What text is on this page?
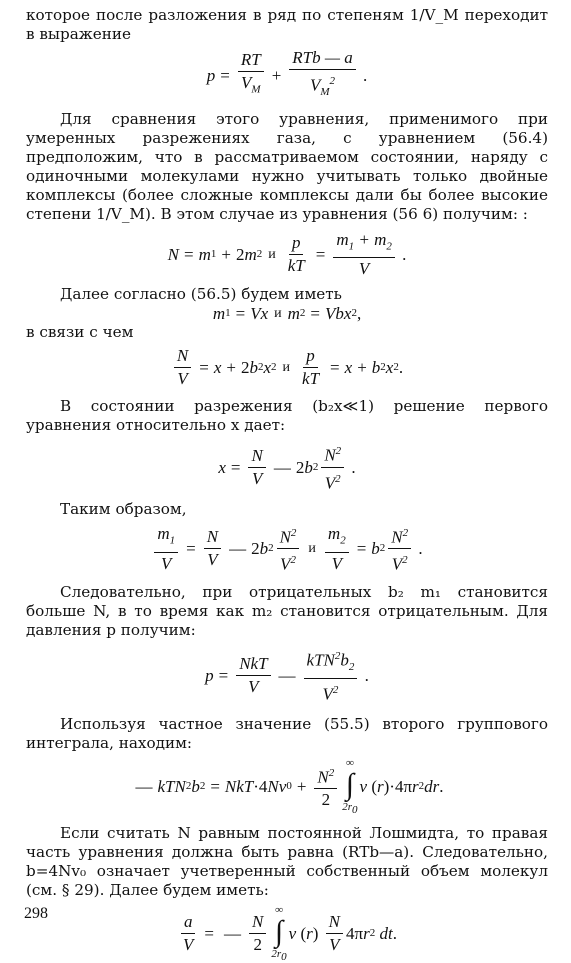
которое после разложения в ряд по степеням 1/V_M переходит в выражение

$p = \frac{RT}{V_M}$ +
RTb — a
$V_M^2$ .

Для сравнения этого уравнения, применимого при умеренных разрежениях газа, с уравнением (56.4) предположим, что в рассматриваемом состоянии, наряду с одиночными молекулами нужно учитывать только двойные комплексы (более сложные комплексы дали бы более высокие степени 1/V_M). В этом случае из уравнения (56 6) получим: :

N = m 1 + 2 m 2 и $\frac{p}{kT} = \frac{m_1 + m_2}{V}$ .

Далее согласно (56.5) будем иметь

m 1 = Vx и m 2 = Vbx 2 ,

в связи с чем

$\frac{N}{V} = x + 2$ b 2 x 2 и $\frac{p}{kT} = x + b$ 2 x 2 .

В состоянии разрежения (b₂x≪1) решение первого уравнения относительно x дает:

$x = \frac{N}{V}$ — 2 b 2
$N^2$
$V^2$
.

Таким образом,

$\frac{m_1}{V} = \frac{N}{V}$ — 2 b 2
$N^2$
$V^2$
и $\frac{m_2}{V} = b$ 2
$N^2$
$V^2$
.

Следовательно, при отрицательных b₂ m₁ становится больше N, в то время как m₂ становится отрицательным. Для давления p получим:

p =
NkT
V
—
$kTN^2b_2$
$V^2$
.

Используя частное значение (55.5) второго группового интеграла, находим:

— kTN 2 b 2 = NkT ·4 Nv $0 + \frac{N^2}{2}$ ∞
∫
$2r_0$
v ( r )·4π r 2 dr .

Если считать N равным постоянной Лошмидта, то правая часть уравнения должна быть равна (RTb—a). Следовательно, b=4Nv₀ означает учетверенный собственный объем молекул (см. § 29). Далее будем иметь:

$\frac{a}{V}$ = —
N
2
∞
∫
$2r_0$
v ( r )
N
V
4π r 2
dt .
298
